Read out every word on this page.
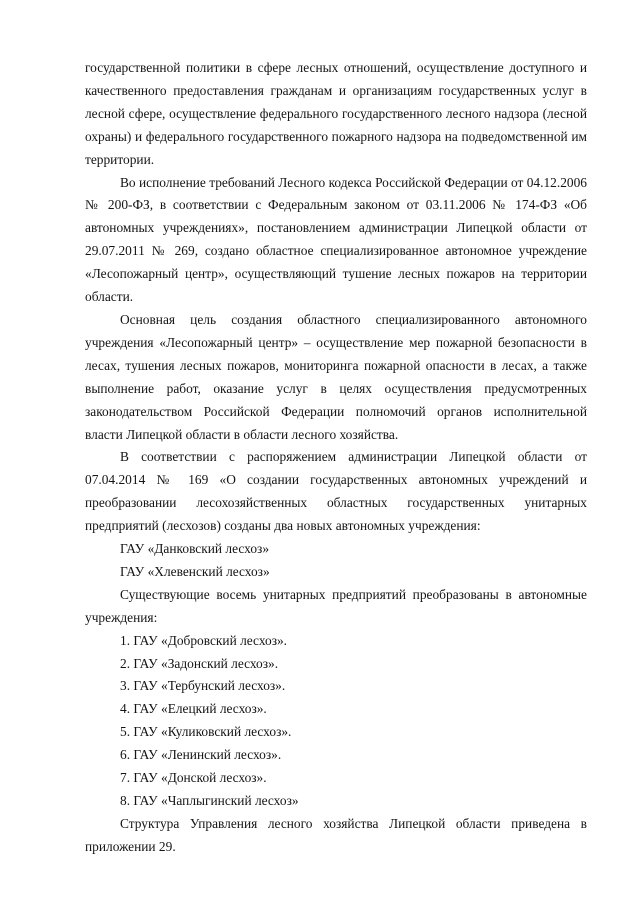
государственной политики в сфере лесных отношений, осуществление доступного и качественного предоставления гражданам и организациям государственных услуг в лесной сфере, осуществление федерального государственного лесного надзора (лесной охраны) и федерального государственного пожарного надзора на подведомственной им территории.

Во исполнение требований Лесного кодекса Российской Федерации от 04.12.2006 № 200-ФЗ, в соответствии с Федеральным законом от 03.11.2006 № 174-ФЗ «Об автономных учреждениях», постановлением администрации Липецкой области от 29.07.2011 № 269, создано областное специализированное автономное учреждение «Лесопожарный центр», осуществляющий тушение лесных пожаров на территории области.

Основная цель создания областного специализированного автономного учреждения «Лесопожарный центр» – осуществление мер пожарной безопасности в лесах, тушения лесных пожаров, мониторинга пожарной опасности в лесах, а также выполнение работ, оказание услуг в целях осуществления предусмотренных законодательством Российской Федерации полномочий органов исполнительной власти Липецкой области в области лесного хозяйства.

В соответствии с распоряжением администрации Липецкой области от 07.04.2014 № 169 «О создании государственных автономных учреждений и преобразовании лесохозяйственных областных государственных унитарных предприятий (лесхозов) созданы два новых автономных учреждения:

ГАУ «Данковский лесхоз»

ГАУ «Хлевенский лесхоз»

Существующие восемь унитарных предприятий преобразованы в автономные учреждения:

1. ГАУ «Добровский лесхоз».

2. ГАУ «Задонский лесхоз».

3. ГАУ «Тербунский лесхоз».

4. ГАУ «Елецкий лесхоз».

5. ГАУ «Куликовский лесхоз».

6. ГАУ «Ленинский лесхоз».

7. ГАУ «Донской лесхоз».

8. ГАУ «Чаплыгинский лесхоз»

Структура Управления лесного хозяйства Липецкой области приведена в приложении 29.
